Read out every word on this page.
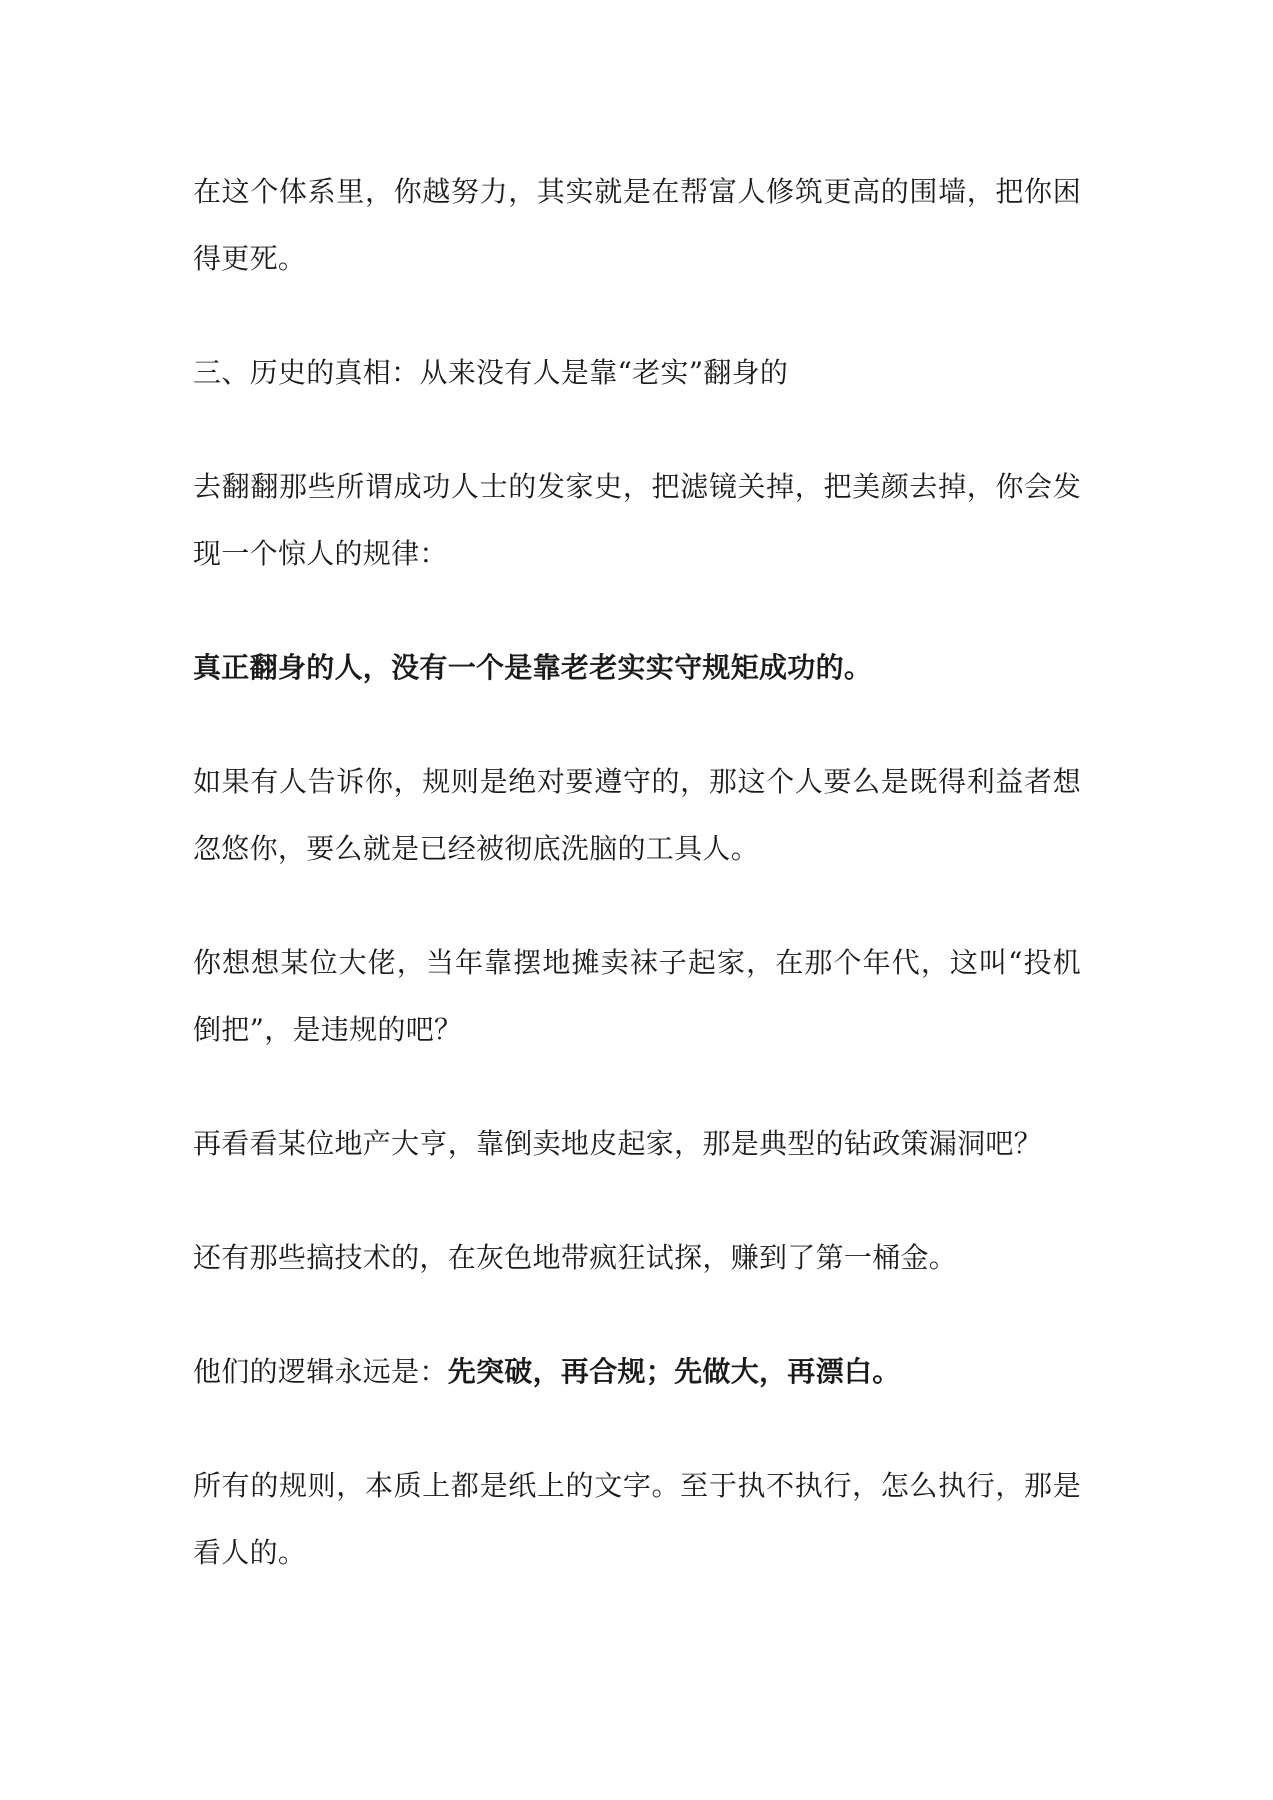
在这个体系里，你越努力，其实就是在帮富人修筑更高的围墙，把你困得更死。

三、历史的真相：从来没有人是靠“老实”翻身的

去翻翻那些所谓成功人士的发家史，把滤镜关掉，把美颜去掉，你会发现一个惊人的规律：

真正翻身的人，没有一个是靠老老实实守规矩成功的。

如果有人告诉你，规则是绝对要遵守的，那这个人要么是既得利益者想忽悠你，要么就是已经被彻底洗脑的工具人。

你想想某位大佬，当年靠摆地摊卖袜子起家，在那个年代，这叫“投机倒把”，是违规的吧？

再看看某位地产大亨，靠倒卖地皮起家，那是典型的钻政策漏洞吧？

还有那些搞技术的，在灰色地带疯狂试探，赚到了第一桶金。

他们的逻辑永远是：先突破，再合规；先做大，再漂白。

所有的规则，本质上都是纸上的文字。至于执不执行，怎么执行，那是看人的。
